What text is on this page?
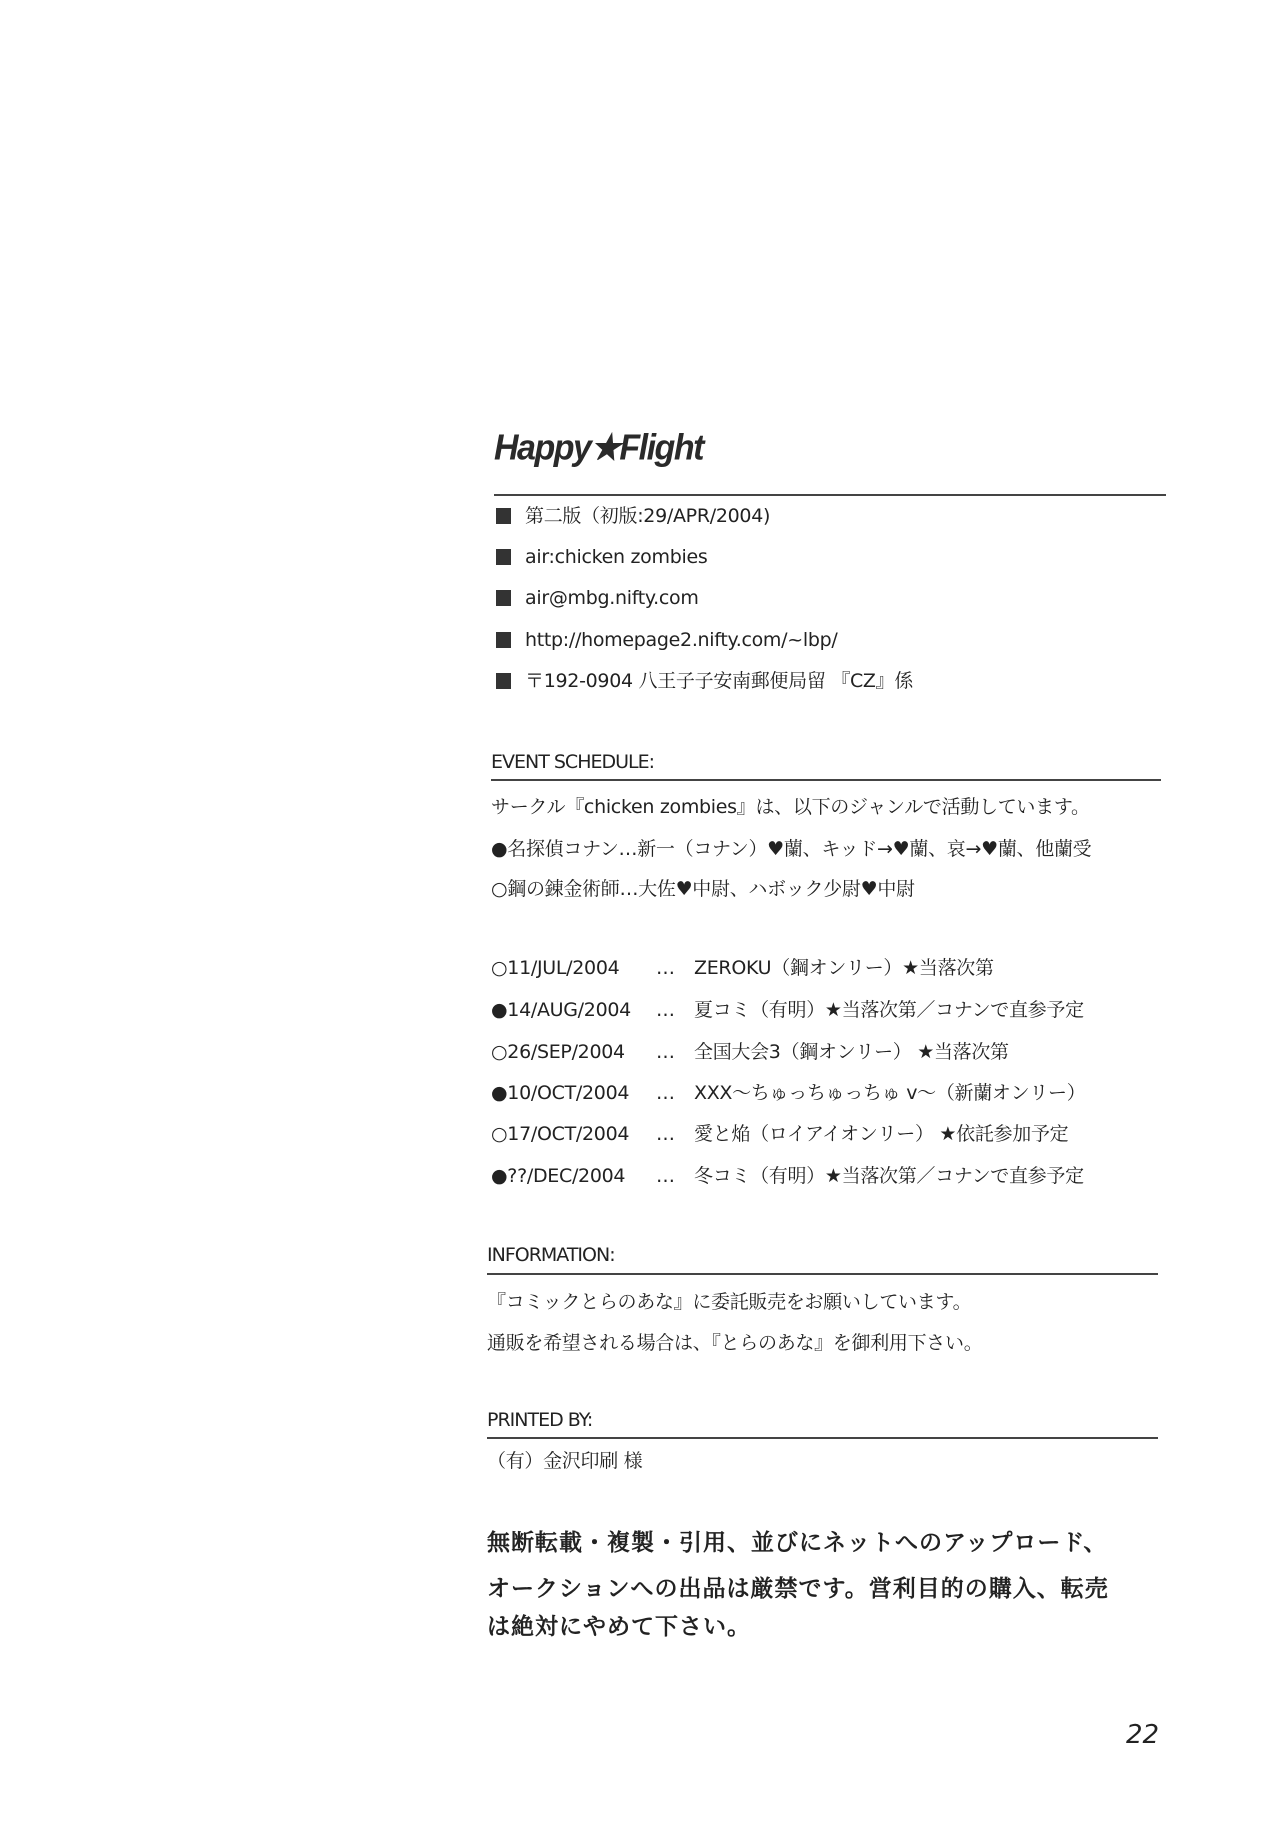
Happy★Flight
第二版（初版:29/APR/2004)
air:chicken zombies
air@mbg.nifty.com
http://homepage2.nifty.com/~lbp/
〒192-0904 八王子子安南郵便局留 『CZ』係
EVENT SCHEDULE:
サークル『chicken zombies』は、以下のジャンルで活動しています。
●名探偵コナン…新一（コナン）♥蘭、キッド→♥蘭、哀→♥蘭、他蘭受
○鋼の錬金術師…大佐♥中尉、ハボック少尉♥中尉
○11/JUL/2004 … ZEROKU（鋼オンリー）★当落次第
●14/AUG/2004 … 夏コミ（有明）★当落次第／コナンで直参予定
○26/SEP/2004 … 全国大会3（鋼オンリー） ★当落次第
●10/OCT/2004 … XXX～ちゅっちゅっちゅ v～（新蘭オンリー）
○17/OCT/2004 … 愛と焔（ロイアイオンリー） ★依託参加予定
●??/DEC/2004 … 冬コミ（有明）★当落次第／コナンで直参予定
INFORMATION:
『コミックとらのあな』に委託販売をお願いしています。
通販を希望される場合は、『とらのあな』を御利用下さい。
PRINTED BY:
（有）金沢印刷 様
無断転載・複製・引用、並びにネットへのアップロード、
オークションへの出品は厳禁です。営利目的の購入、転売
は絶対にやめて下さい。
22
